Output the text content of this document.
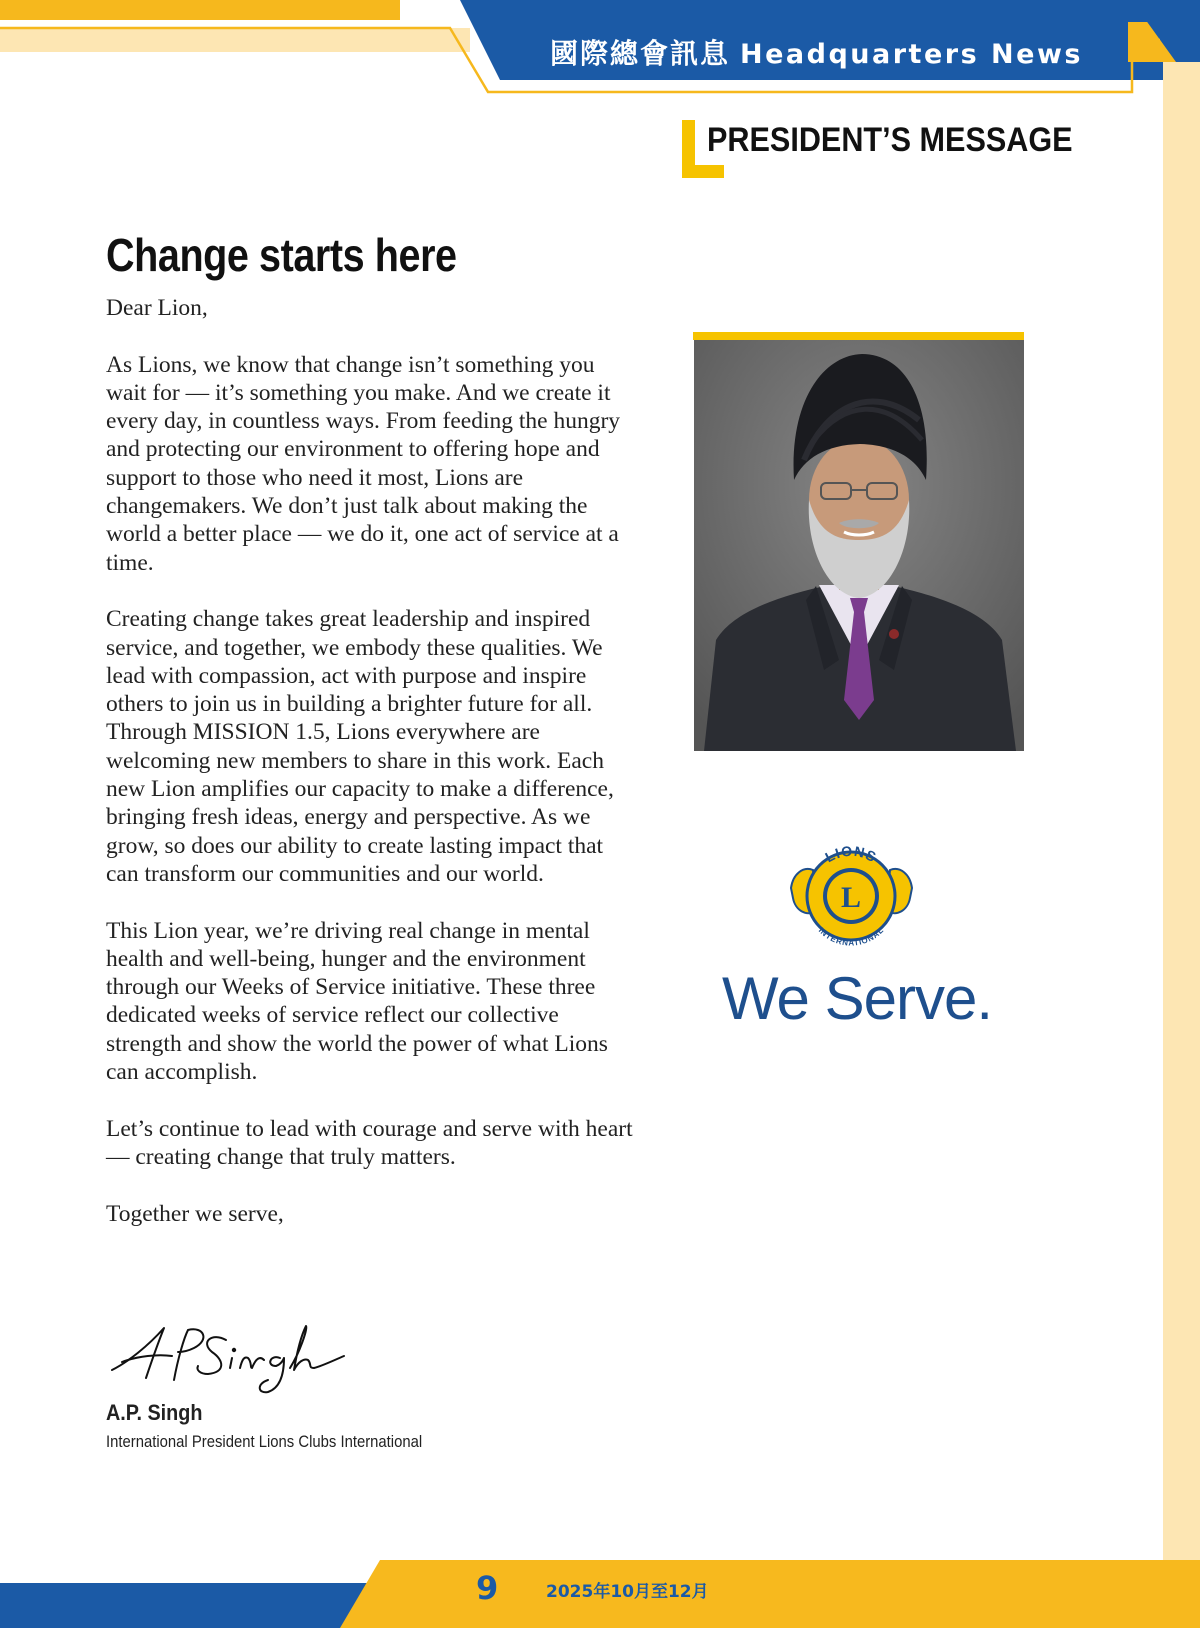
國際總會訊息 Headquarters News
PRESIDENT’S MESSAGE
Change starts here

Dear Lion,

As Lions, we know that change isn’t something you wait for — it’s something you make. And we create it every day, in countless ways. From feeding the hungry and protecting our environment to offering hope and support to those who need it most, Lions are changemakers. We don’t just talk about making the world a better place — we do it, one act of service at a time.

Creating change takes great leadership and inspired service, and together, we embody these qualities. We lead with compassion, act with purpose and inspire others to join us in building a brighter future for all. Through MISSION 1.5, Lions everywhere are welcoming new members to share in this work. Each new Lion amplifies our capacity to make a difference, bringing fresh ideas, energy and perspective. As we grow, so does our ability to create lasting impact that can transform our communities and our world.

This Lion year, we’re driving real change in mental health and well-being, hunger and the environment through our Weeks of Service initiative. These three dedicated weeks of service reflect our collective strength and show the world the power of what Lions can accomplish.

Let’s continue to lead with courage and serve with heart — creating change that truly matters.

Together we serve,

A.P. Singh
International President Lions Clubs International
L
LIONS
INTERNATIONAL
We Serve.
9	2025年10月至12月
